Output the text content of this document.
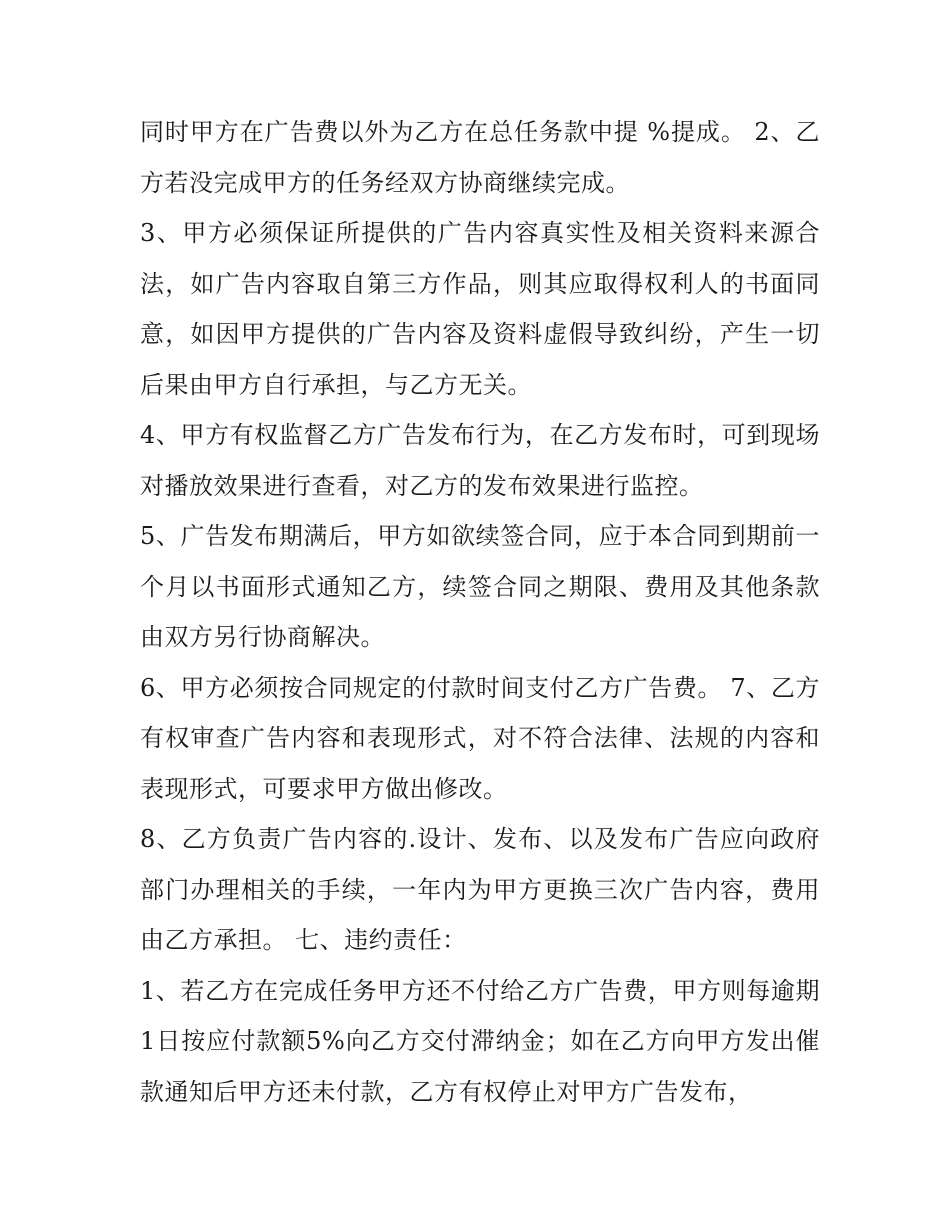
同时甲方在广告费以外为乙方在总任务款中提 %提成。 2、乙方若没完成甲方的任务经双方协商继续完成。

3、甲方必须保证所提供的广告内容真实性及相关资料来源合法，如广告内容取自第三方作品，则其应取得权利人的书面同意，如因甲方提供的广告内容及资料虚假导致纠纷，产生一切后果由甲方自行承担，与乙方无关。

4、甲方有权监督乙方广告发布行为，在乙方发布时，可到现场对播放效果进行查看，对乙方的发布效果进行监控。

5、广告发布期满后，甲方如欲续签合同，应于本合同到期前一个月以书面形式通知乙方，续签合同之期限、费用及其他条款由双方另行协商解决。

6、甲方必须按合同规定的付款时间支付乙方广告费。 7、乙方有权审查广告内容和表现形式，对不符合法律、法规的内容和表现形式，可要求甲方做出修改。

8、乙方负责广告内容的.设计、发布、以及发布广告应向政府部门办理相关的手续，一年内为甲方更换三次广告内容，费用由乙方承担。 七、违约责任：

1、若乙方在完成任务甲方还不付给乙方广告费，甲方则每逾期1日按应付款额5%向乙方交付滞纳金；如在乙方向甲方发出催款通知后甲方还未付款，乙方有权停止对甲方广告发布，
